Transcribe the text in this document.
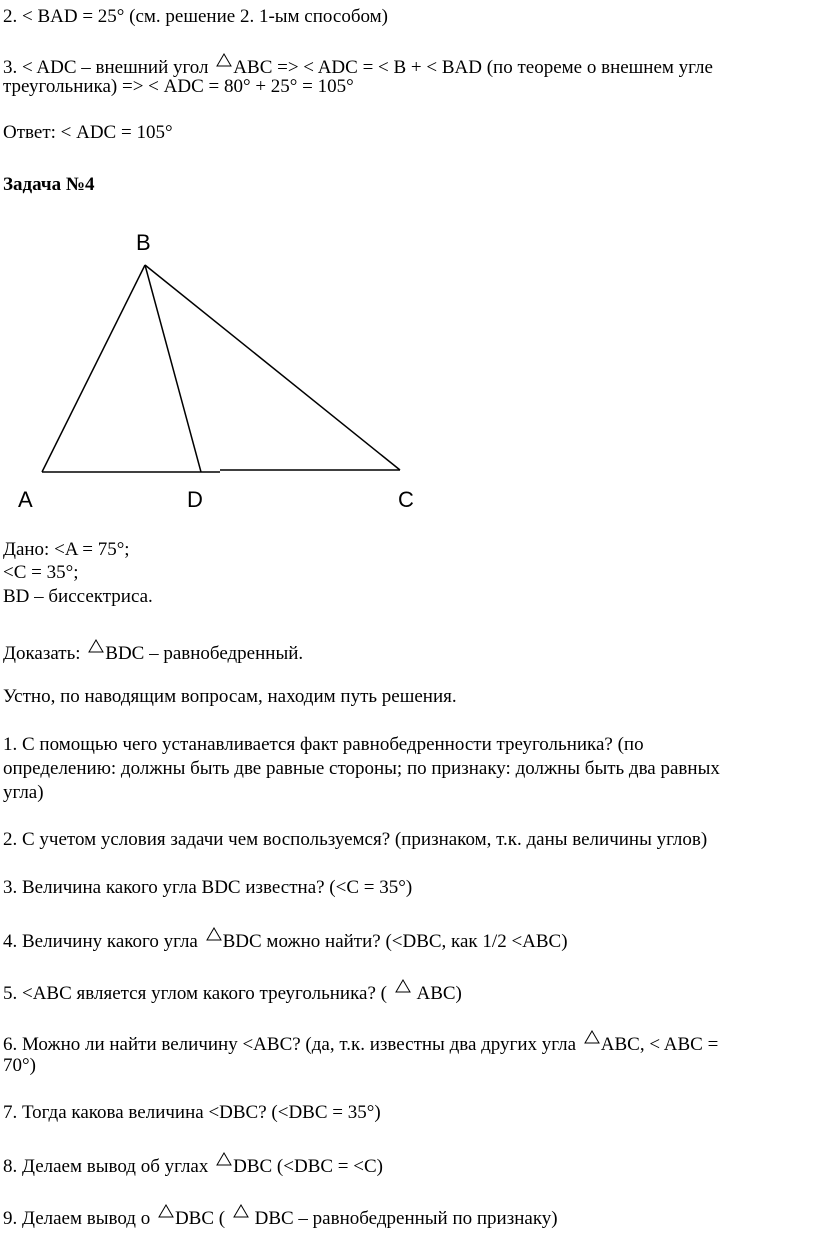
2. < BAD = 25° (см. решение 2. 1-ым способом)
3. < ADC – внешний угол
ABC => < ADC = < B + < BAD (по теореме о внешнем угле
треугольника) => < ADC = 80° + 25° = 105°
Ответ: < ADC = 105°
Задача №4
B
A	D	C
Дано: <A = 75°;
<C = 35°;
BD – биссектриса.
Доказать:
BDC – равнобедренный.
Устно, по наводящим вопросам, находим путь решения.
1. С помощью чего устанавливается факт равнобедренности треугольника? (по
определению: должны быть две равные стороны; по признаку: должны быть два равных
угла)
2. С учетом условия задачи чем воспользуемся? (признаком, т.к. даны величины углов)
3. Величина какого угла BDC известна? (<C = 35°)
4. Величину какого угла
BDC можно найти? (<DBC, как 1/2 <ABC)
5. <ABC является углом какого треугольника? (
ABC)
6. Можно ли найти величину <ABC? (да, т.к. известны два других угла
ABC, < ABC =
70°)
7. Тогда какова величина <DBC? (<DBC = 35°)
8. Делаем вывод об углах
DBC (<DBC = <C)
9. Делаем вывод о
DBC (
DBC – равнобедренный по признаку)
